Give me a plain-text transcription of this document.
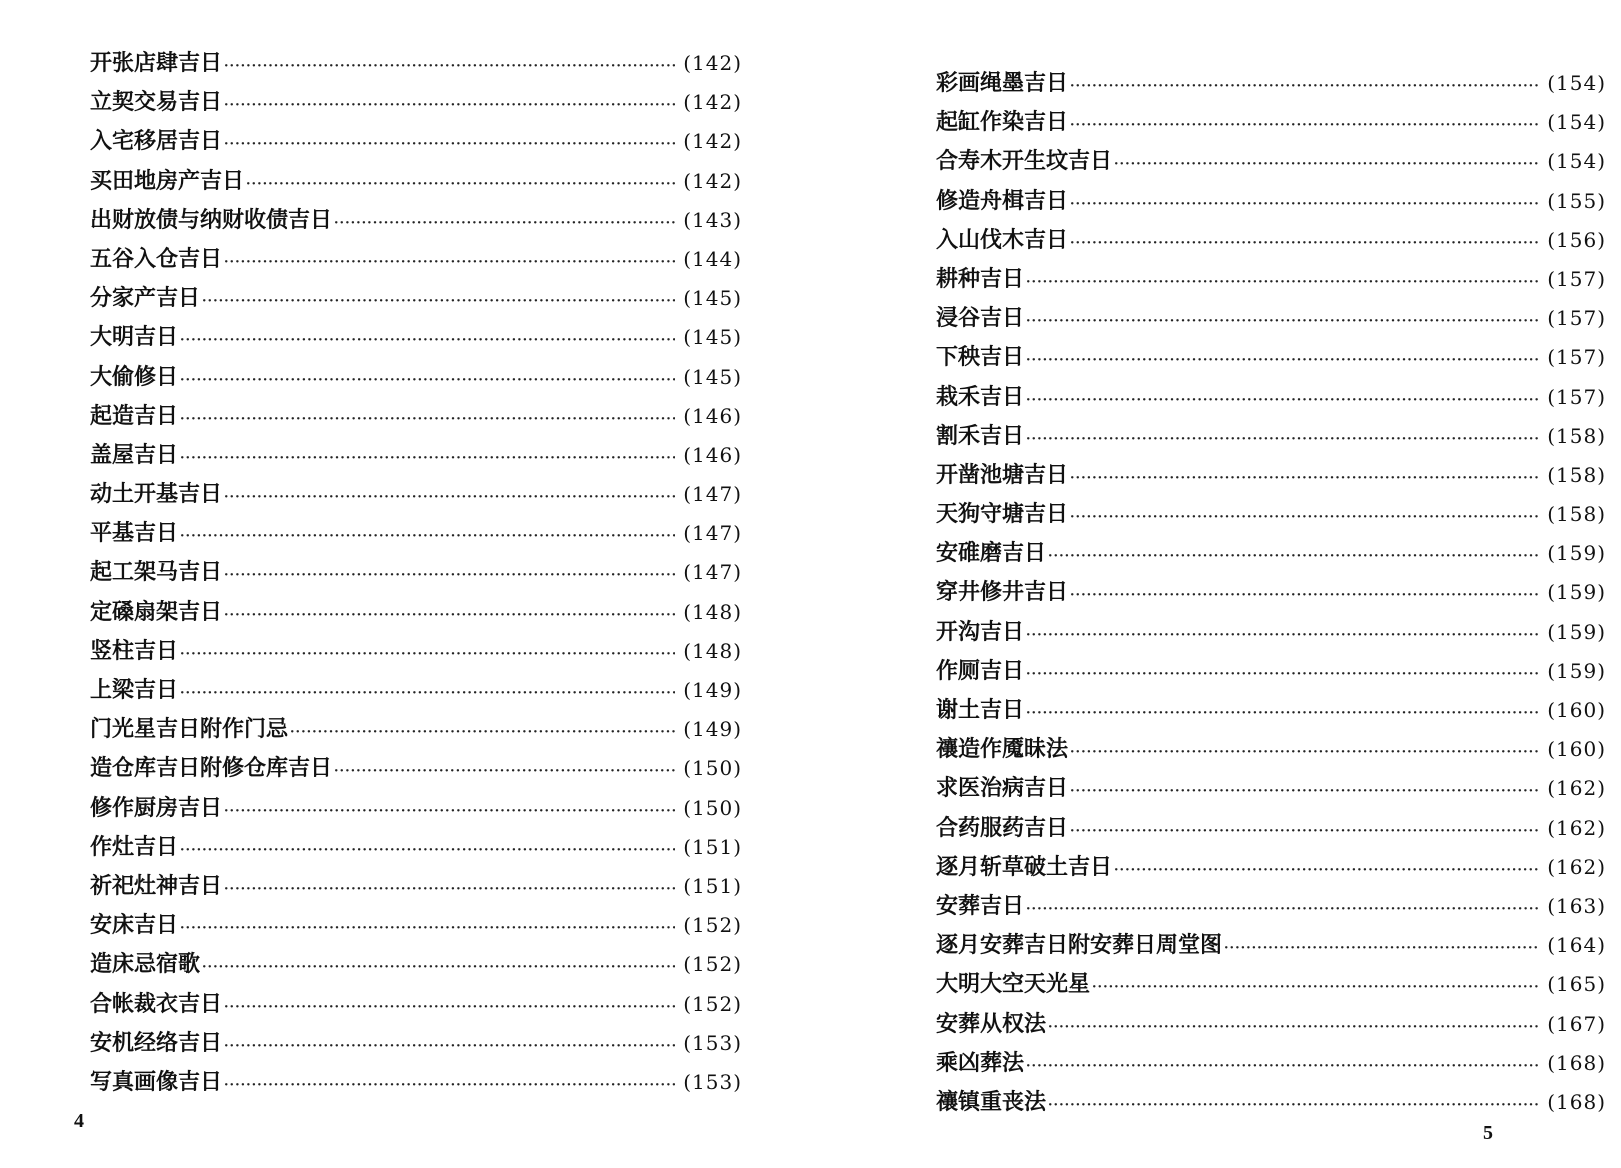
开张店肆吉日 ·····	(142)
立契交易吉日 ·····	(142)
入宅移居吉日 ·····	(142)
买田地房产吉日 ·····	(142)
出财放债与纳财收债吉日 ·····	(143)
五谷入仓吉日 ·····	(144)
分家产吉日 ·····	(145)
大明吉日 ·····	(145)
大偷修日 ·····	(145)
起造吉日 ·····	(146)
盖屋吉日 ·····	(146)
动土开基吉日 ·····	(147)
平基吉日 ·····	(147)
起工架马吉日 ·····	(147)
定磉扇架吉日 ·····	(148)
竖柱吉日 ·····	(148)
上梁吉日 ·····	(149)
门光星吉日附作门忌 ·····	(149)
造仓库吉日附修仓库吉日 ·····	(150)
修作厨房吉日 ·····	(150)
作灶吉日 ·····	(151)
祈祀灶神吉日 ·····	(151)
安床吉日 ·····	(152)
造床忌宿歌 ·····	(152)
合帐裁衣吉日 ·····	(152)
安机经络吉日 ·····	(153)
写真画像吉日 ·····	(153)
4
彩画绳墨吉日 ·····	(154)
起缸作染吉日 ·····	(154)
合寿木开生坟吉日 ·····	(154)
修造舟楫吉日 ·····	(155)
入山伐木吉日 ·····	(156)
耕种吉日 ·····	(157)
浸谷吉日 ·····	(157)
下秧吉日 ·····	(157)
栽禾吉日 ·····	(157)
割禾吉日 ·····	(158)
开凿池塘吉日 ·····	(158)
天狗守塘吉日 ·····	(158)
安碓磨吉日 ·····	(159)
穿井修井吉日 ·····	(159)
开沟吉日 ·····	(159)
作厕吉日 ·····	(159)
谢土吉日 ·····	(160)
禳造作魇昧法 ·····	(160)
求医治病吉日 ·····	(162)
合药服药吉日 ·····	(162)
逐月斩草破土吉日 ·····	(162)
安葬吉日 ·····	(163)
逐月安葬吉日附安葬日周堂图 ·····	(164)
大明大空天光星 ·····	(165)
安葬从权法 ·····	(167)
乘凶葬法 ·····	(168)
禳镇重丧法 ·····	(168)
5
